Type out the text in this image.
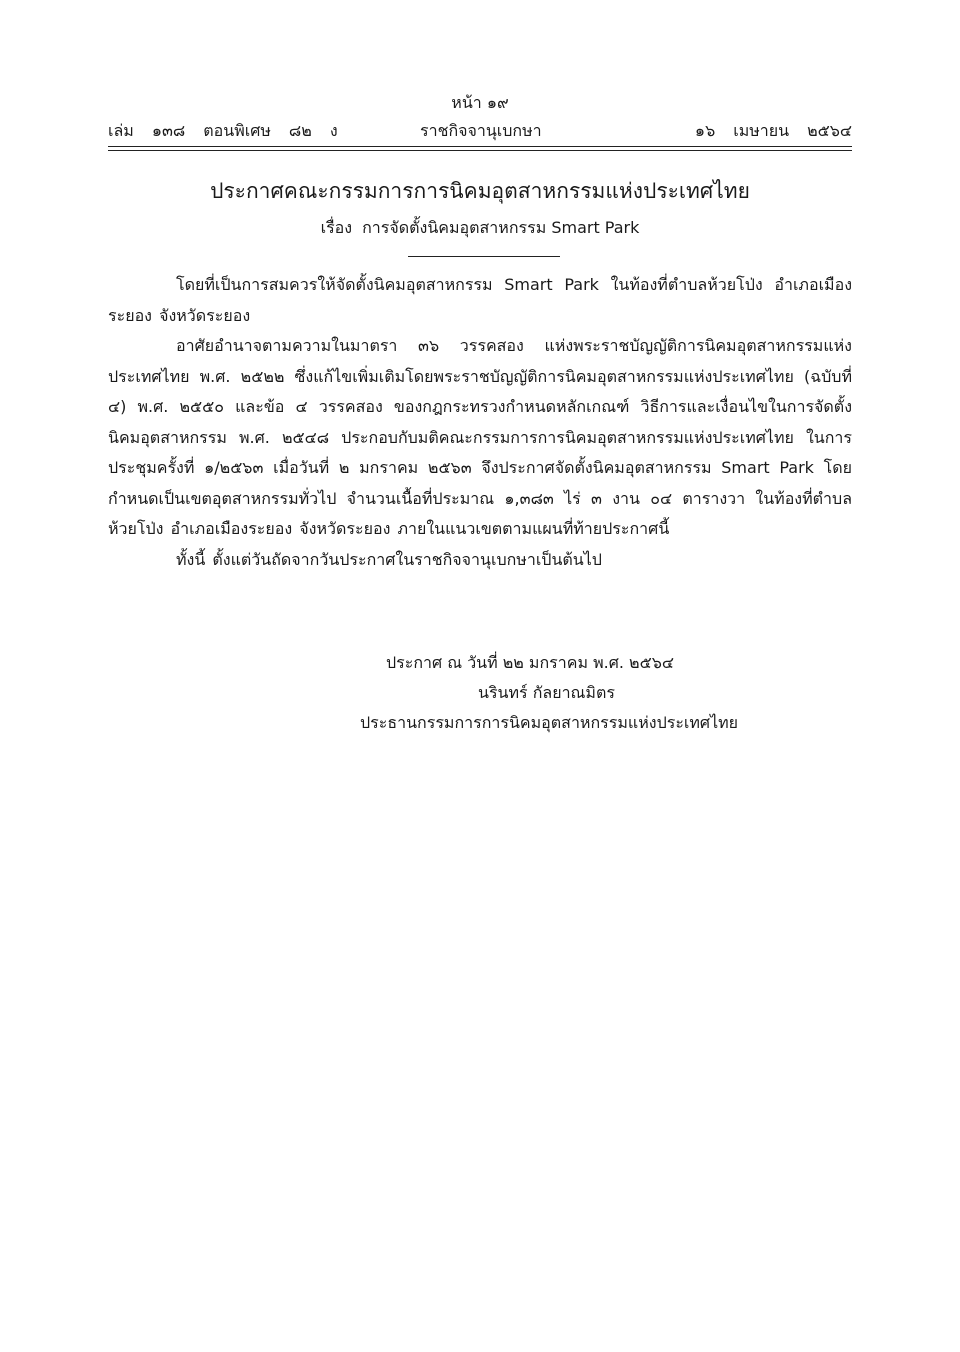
หน้า ๑๙
เล่ม ๑๓๘ ตอนพิเศษ ๘๒ ง	ราชกิจจานุเบกษา	๑๖ เมษายน ๒๕๖๔
ประกาศคณะกรรมการการนิคมอุตสาหกรรมแห่งประเทศไทย
เรื่อง การจัดตั้งนิคมอุตสาหกรรม Smart Park

โดยที่เป็นการสมควรให้จัดตั้งนิคมอุตสาหกรรม Smart Park ในท้องที่ตำบลห้วยโป่ง อำเภอเมืองระยอง จังหวัดระยอง

อาศัยอำนาจตามความในมาตรา ๓๖ วรรคสอง แห่งพระราชบัญญัติการนิคมอุตสาหกรรมแห่งประเทศไทย พ.ศ. ๒๕๒๒ ซึ่งแก้ไขเพิ่มเติมโดยพระราชบัญญัติการนิคมอุตสาหกรรมแห่งประเทศไทย (ฉบับที่ ๔) พ.ศ. ๒๕๕๐ และข้อ ๔ วรรคสอง ของกฎกระทรวงกำหนดหลักเกณฑ์ วิธีการและเงื่อนไขในการจัดตั้งนิคมอุตสาหกรรม พ.ศ. ๒๕๔๘ ประกอบกับมติคณะกรรมการการนิคมอุตสาหกรรมแห่งประเทศไทย ในการประชุมครั้งที่ ๑/๒๕๖๓ เมื่อวันที่ ๒ มกราคม ๒๕๖๓ จึงประกาศจัดตั้งนิคมอุตสาหกรรม Smart Park โดยกำหนดเป็นเขตอุตสาหกรรมทั่วไป จำนวนเนื้อที่ประมาณ ๑,๓๘๓ ไร่ ๓ งาน ๐๔ ตารางวา ในท้องที่ตำบลห้วยโป่ง อำเภอเมืองระยอง จังหวัดระยอง ภายในแนวเขตตามแผนที่ท้ายประกาศนี้

ทั้งนี้ ตั้งแต่วันถัดจากวันประกาศในราชกิจจานุเบกษาเป็นต้นไป

ประกาศ ณ วันที่ ๒๒ มกราคม พ.ศ. ๒๕๖๔
นรินทร์ กัลยาณมิตร
ประธานกรรมการการนิคมอุตสาหกรรมแห่งประเทศไทย
